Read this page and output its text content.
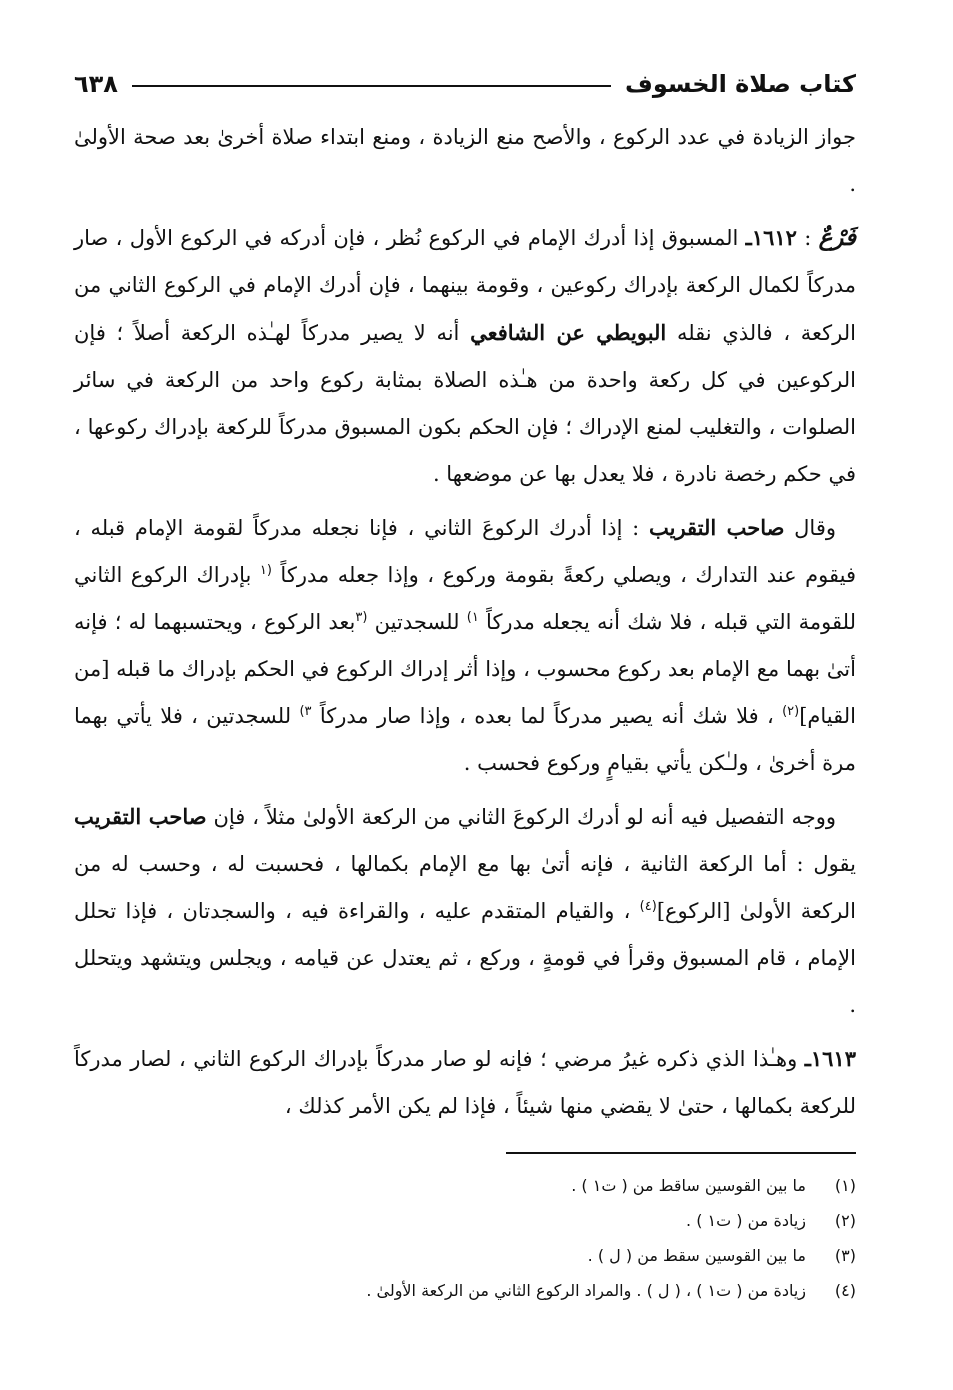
كتاب صلاة الخسوف
٦٣٨

جواز الزيادة في عدد الركوع ، والأصح منع الزيادة ، ومنع ابتداء صلاة أخرىٰ بعد صحة الأولىٰ .

فَرْعٌ : ١٦١٢ـ المسبوق إذا أدرك الإمام في الركوع نُظر ، فإن أدركه في الركوع الأول ، صار مدركاً لكمال الركعة بإدراك ركوعين ، وقومة بينهما ، فإن أدرك الإمام في الركوع الثاني من الركعة ، فالذي نقله البويطي عن الشافعي أنه لا يصير مدركاً لهـٰذه الركعة أصلاً ؛ فإن الركوعين في كل ركعة واحدة من هـٰذه الصلاة بمثابة ركوع واحد من الركعة في سائر الصلوات ، والتغليب لمنع الإدراك ؛ فإن الحكم بكون المسبوق مدركاً للركعة بإدراك ركوعها ، في حكم رخصة نادرة ، فلا يعدل بها عن موضعها .

وقال صاحب التقريب : إذا أدرك الركوعَ الثاني ، فإنا نجعله مدركاً لقومة الإمام قبله ، فيقوم عند التدارك ، ويصلي ركعةً بقومة وركوع ، وإذا جعله مدركاً $^{(١}$ بإدراك الركوع الثاني للقومة التي قبله ، فلا شك أنه يجعله مدركاً $^{١)}$ للسجدتين $^{(٣}$بعد الركوع ، ويحتسبهما له ؛ فإنه أتىٰ بهما مع الإمام بعد ركوع محسوب ، وإذا أثر إدراك الركوع في الحكم بإدراك ما قبله [من القيام]$^{(٢)}$ ، فلا شك أنه يصير مدركاً لما بعده ، وإذا صار مدركاً $^{٣)}$ للسجدتين ، فلا يأتي بهما مرة أخرىٰ ، ولـٰكن يأتي بقيامٍ وركوع فحسب .

ووجه التفصيل فيه أنه لو أدرك الركوعَ الثاني من الركعة الأولىٰ مثلاً ، فإن صاحب التقريب يقول : أما الركعة الثانية ، فإنه أتىٰ بها مع الإمام بكمالها ، فحسبت له ، وحسب له من الركعة الأولىٰ [الركوع]$^{(٤)}$ ، والقيام المتقدم عليه ، والقراءة فيه ، والسجدتان ، فإذا تحلل الإمام ، قام المسبوق وقرأ في قومةٍ ، وركع ، ثم يعتدل عن قيامه ، ويجلس ويتشهد ويتحلل .

١٦١٣ـ وهـٰذا الذي ذكره غيرُ مرضي ؛ فإنه لو صار مدركاً بإدراك الركوع الثاني ، لصار مدركاً للركعة بكمالها ، حتىٰ لا يقضي منها شيئاً ، فإذا لم يكن الأمر كذلك ،

(١)
ما بين القوسين ساقط من ( ت١ ) .
(٢)
زيادة من ( ت١ ) .
(٣)
ما بين القوسين سقط من ( ل ) .
(٤)
زيادة من ( ت١ ) ، ( ل ) . والمراد الركوع الثاني من الركعة الأولىٰ .
